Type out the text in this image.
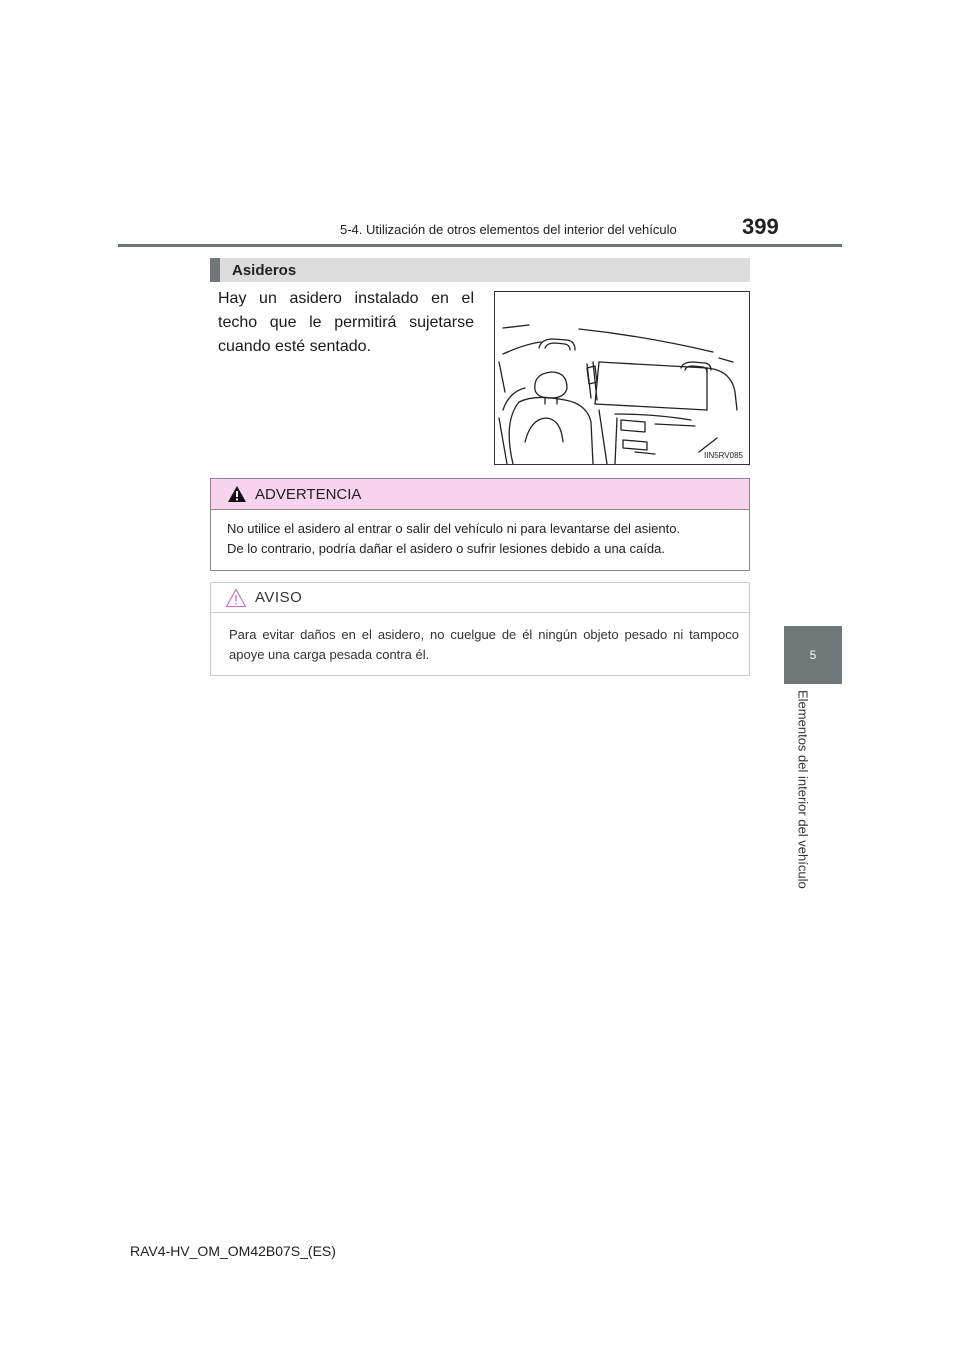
5-4. Utilización de otros elementos del interior del vehículo	399
5
Elementos del interior del vehículo
Asideros
Hay un asidero instalado en el techo que le permitirá sujetarse cuando esté sentado.
IIN5RV085
ADVERTENCIA
No utilice el asidero al entrar o salir del vehículo ni para levantarse del asiento.
De lo contrario, podría dañar el asidero o sufrir lesiones debido a una caída.
AVISO
Para evitar daños en el asidero, no cuelgue de él ningún objeto pesado ni tampoco apoye una carga pesada contra él.
RAV4-HV_OM_OM42B07S_(ES)
